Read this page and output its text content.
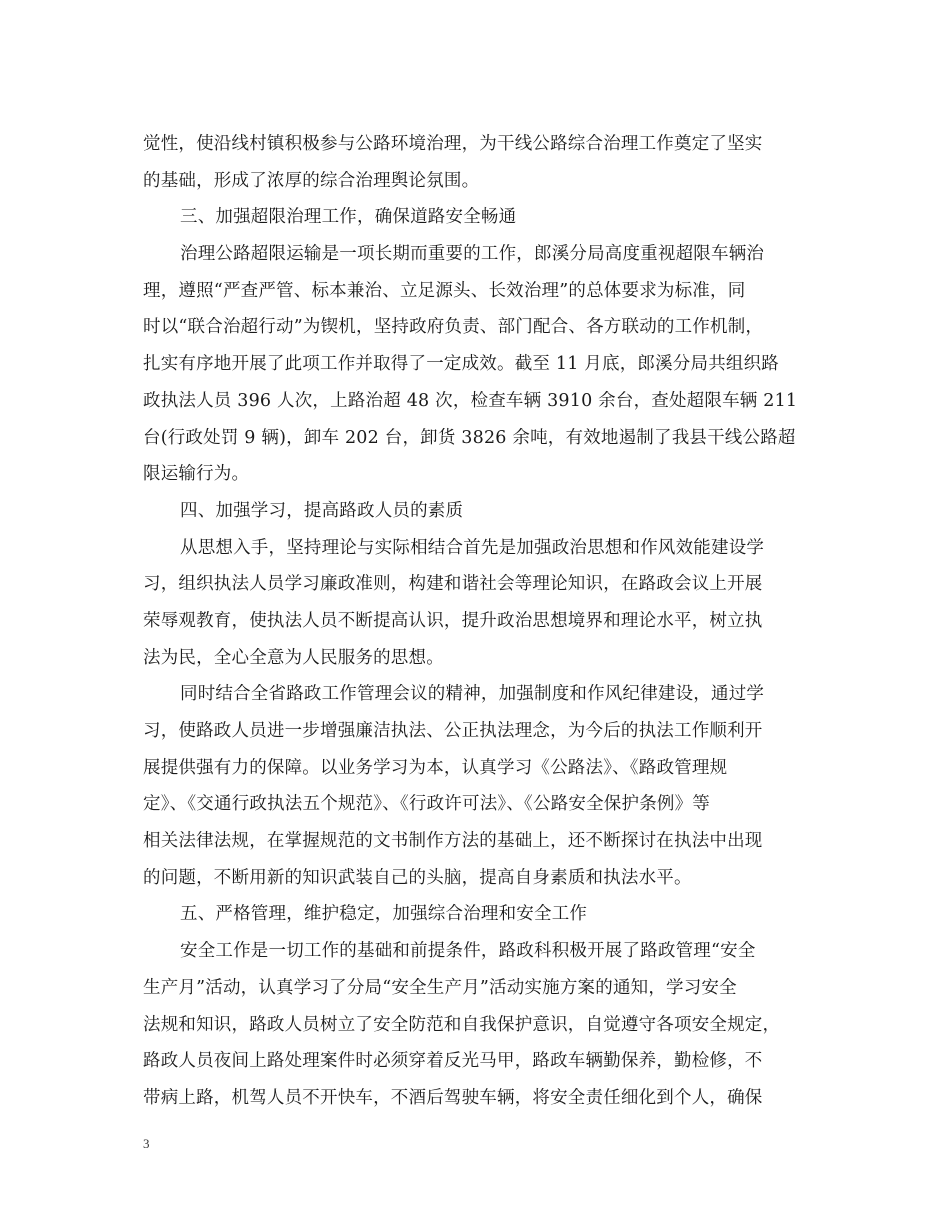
觉性，使沿线村镇积极参与公路环境治理，为干线公路综合治理工作奠定了坚实
的基础，形成了浓厚的综合治理舆论氛围。
三、加强超限治理工作，确保道路安全畅通
治理公路超限运输是一项长期而重要的工作，郎溪分局高度重视超限车辆治
理，遵照“严查严管、标本兼治、立足源头、长效治理”的总体要求为标准，同
时以“联合治超行动”为锲机，坚持政府负责、部门配合、各方联动的工作机制，
扎实有序地开展了此项工作并取得了一定成效。截至 11 月底，郎溪分局共组织路
政执法人员 396 人次，上路治超 48 次，检查车辆 3910 余台，查处超限车辆 211
台(行政处罚 9 辆)，卸车 202 台，卸货 3826 余吨，有效地遏制了我县干线公路超
限运输行为。
四、加强学习，提高路政人员的素质
从思想入手，坚持理论与实际相结合首先是加强政治思想和作风效能建设学
习，组织执法人员学习廉政准则，构建和谐社会等理论知识，在路政会议上开展
荣辱观教育，使执法人员不断提高认识，提升政治思想境界和理论水平，树立执
法为民，全心全意为人民服务的思想。
同时结合全省路政工作管理会议的精神，加强制度和作风纪律建设，通过学
习，使路政人员进一步增强廉洁执法、公正执法理念，为今后的执法工作顺利开
展提供强有力的保障。以业务学习为本，认真学习《公路法》、《路政管理规
定》、《交通行政执法五个规范》、《行政许可法》、《公路安全保护条例》等
相关法律法规，在掌握规范的文书制作方法的基础上，还不断探讨在执法中出现
的问题，不断用新的知识武装自己的头脑，提高自身素质和执法水平。
五、严格管理，维护稳定，加强综合治理和安全工作
安全工作是一切工作的基础和前提条件，路政科积极开展了路政管理“安全
生产月”活动，认真学习了分局“安全生产月”活动实施方案的通知，学习安全
法规和知识，路政人员树立了安全防范和自我保护意识，自觉遵守各项安全规定，
路政人员夜间上路处理案件时必须穿着反光马甲，路政车辆勤保养，勤检修，不
带病上路，机驾人员不开快车，不酒后驾驶车辆，将安全责任细化到个人，确保
3
